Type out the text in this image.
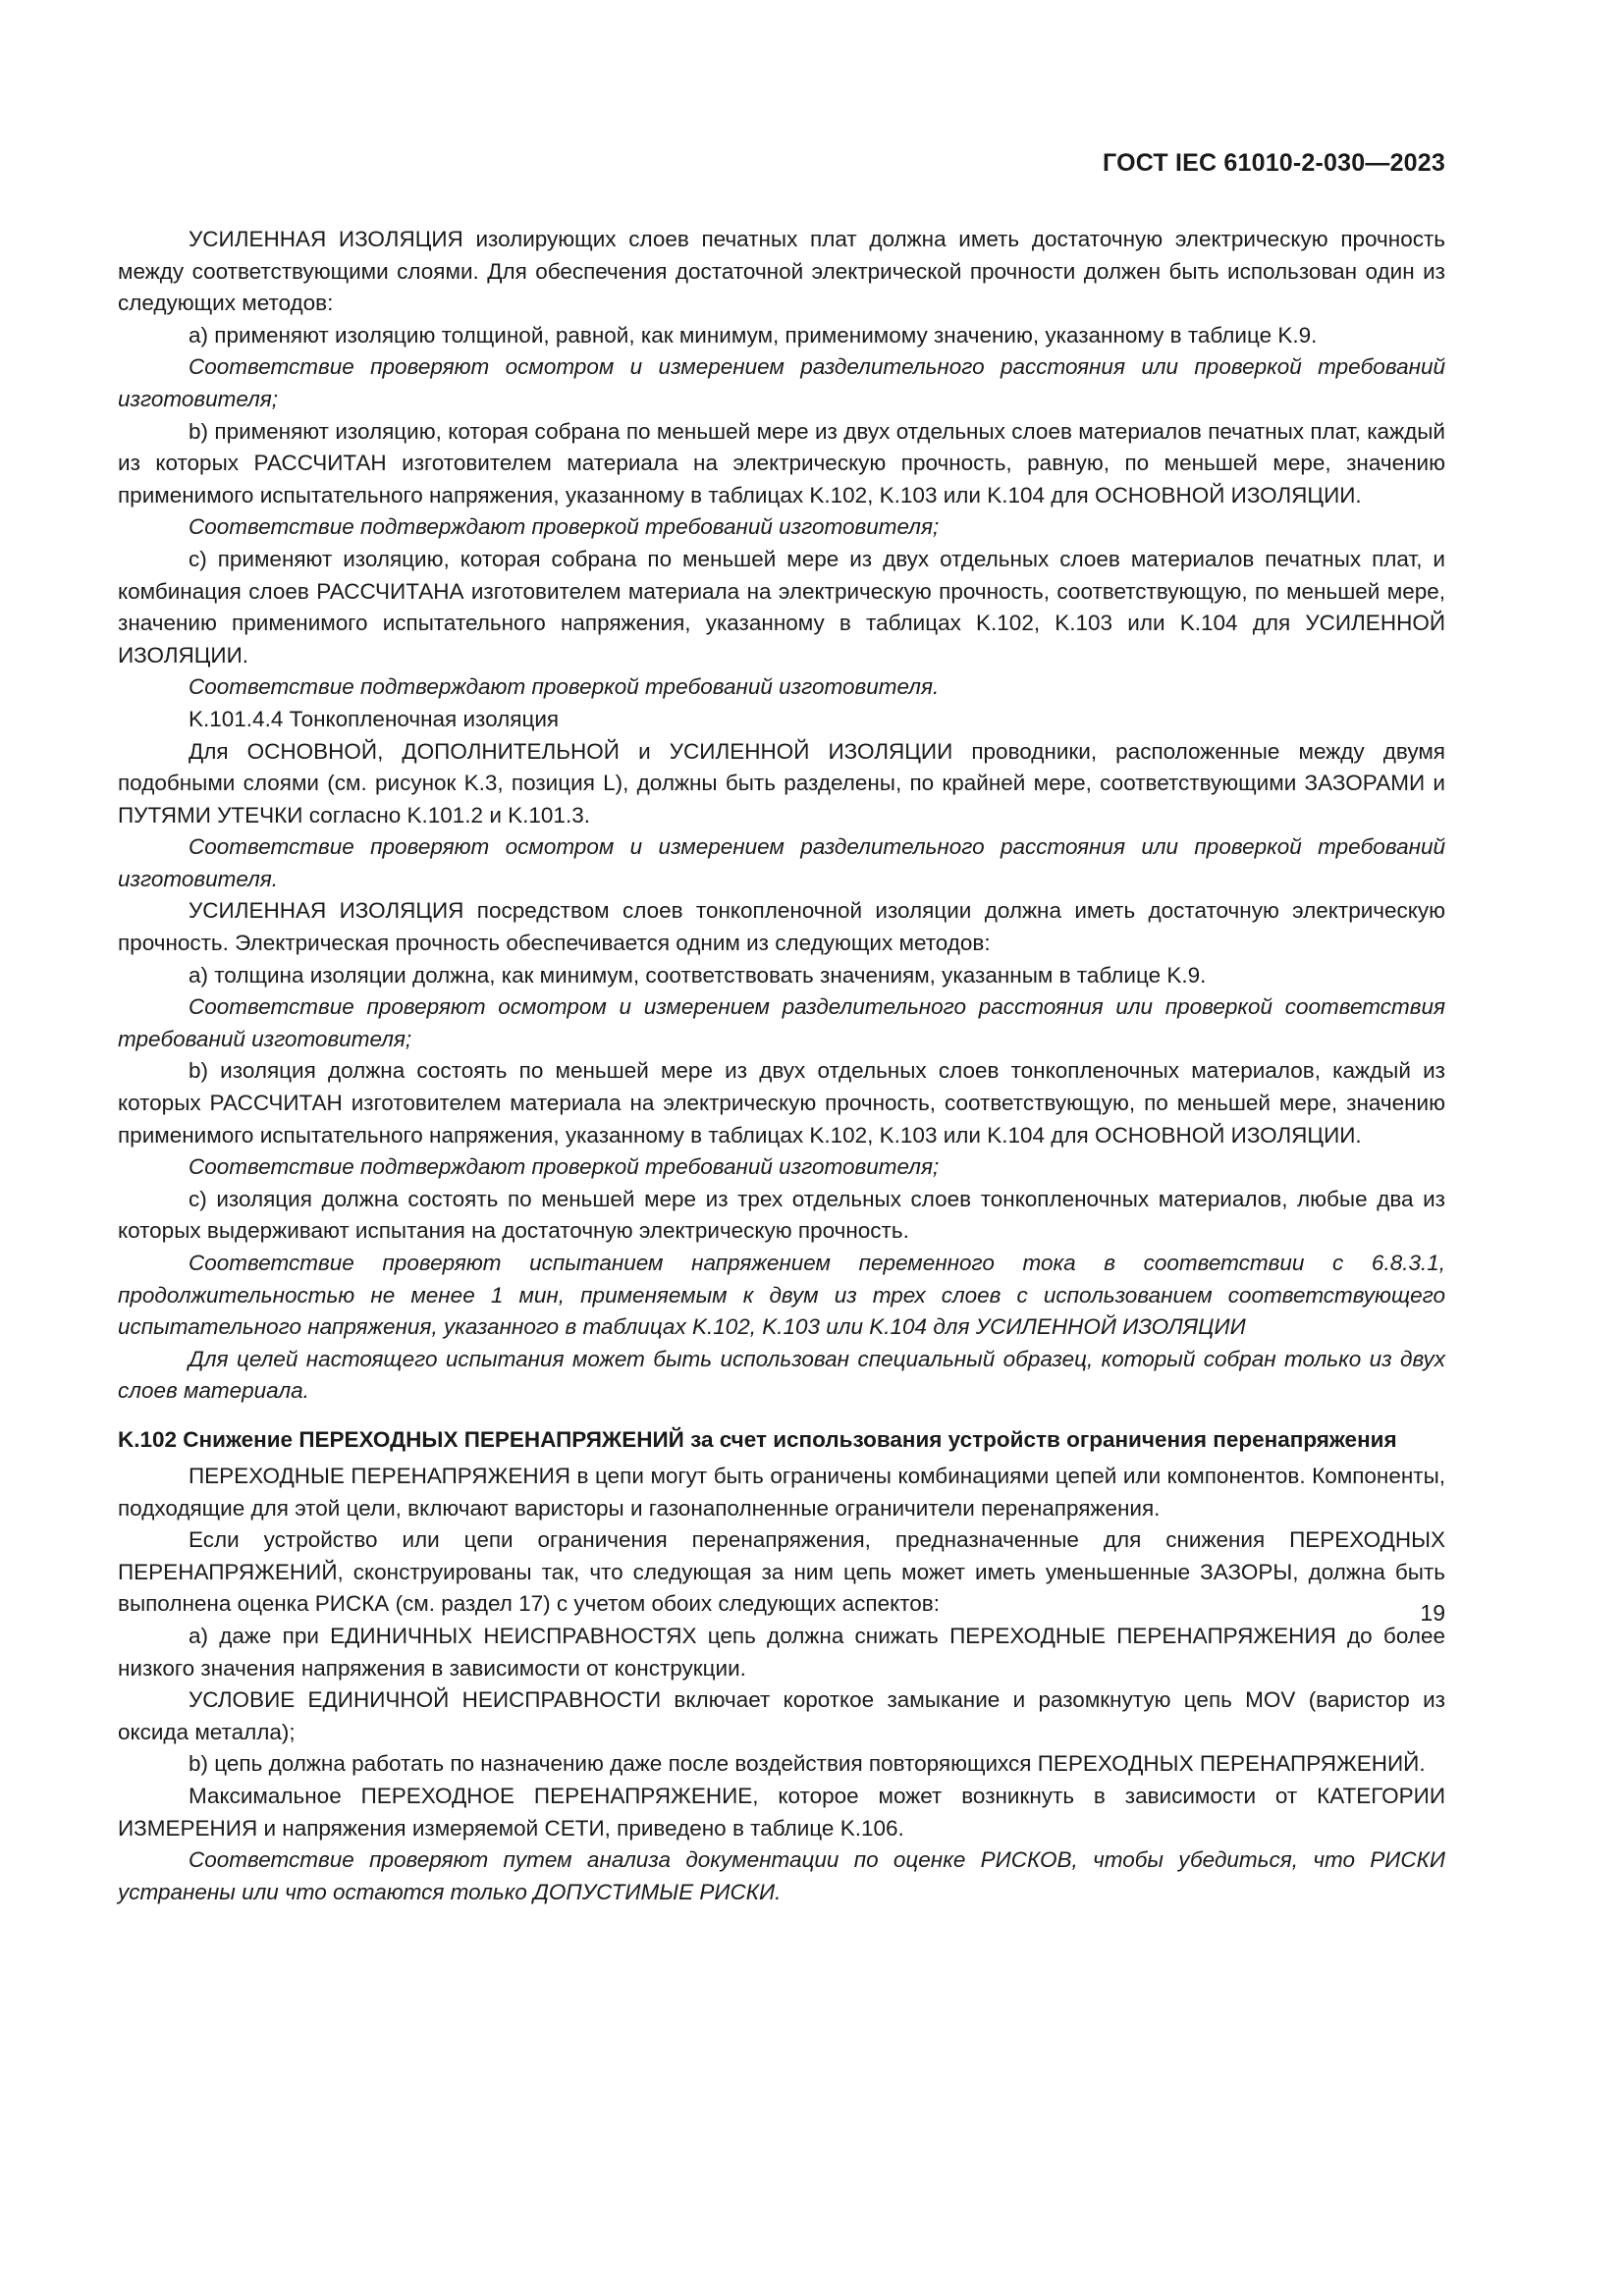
ГОСТ IEC 61010-2-030—2023

УСИЛЕННАЯ ИЗОЛЯЦИЯ изолирующих слоев печатных плат должна иметь достаточную электрическую прочность между соответствующими слоями. Для обеспечения достаточной электрической прочности должен быть использован один из следующих методов:

a) применяют изоляцию толщиной, равной, как минимум, применимому значению, указанному в таблице K.9.

Соответствие проверяют осмотром и измерением разделительного расстояния или проверкой требований изготовителя;

b) применяют изоляцию, которая собрана по меньшей мере из двух отдельных слоев материалов печатных плат, каждый из которых РАССЧИТАН изготовителем материала на электрическую прочность, равную, по меньшей мере, значению применимого испытательного напряжения, указанному в таблицах K.102, K.103 или K.104 для ОСНОВНОЙ ИЗОЛЯЦИИ.

Соответствие подтверждают проверкой требований изготовителя;

c) применяют изоляцию, которая собрана по меньшей мере из двух отдельных слоев материалов печатных плат, и комбинация слоев РАССЧИТАНА изготовителем материала на электрическую прочность, соответствующую, по меньшей мере, значению применимого испытательного напряжения, указанному в таблицах K.102, K.103 или K.104 для УСИЛЕННОЙ ИЗОЛЯЦИИ.

Соответствие подтверждают проверкой требований изготовителя.

K.101.4.4 Тонкопленочная изоляция

Для ОСНОВНОЙ, ДОПОЛНИТЕЛЬНОЙ и УСИЛЕННОЙ ИЗОЛЯЦИИ проводники, расположенные между двумя подобными слоями (см. рисунок K.3, позиция L), должны быть разделены, по крайней мере, соответствующими ЗАЗОРАМИ и ПУТЯМИ УТЕЧКИ согласно K.101.2 и K.101.3.

Соответствие проверяют осмотром и измерением разделительного расстояния или проверкой требований изготовителя.

УСИЛЕННАЯ ИЗОЛЯЦИЯ посредством слоев тонкопленочной изоляции должна иметь достаточную электрическую прочность. Электрическая прочность обеспечивается одним из следующих методов:

a) толщина изоляции должна, как минимум, соответствовать значениям, указанным в таблице K.9.

Соответствие проверяют осмотром и измерением разделительного расстояния или проверкой соответствия требований изготовителя;

b) изоляция должна состоять по меньшей мере из двух отдельных слоев тонкопленочных материалов, каждый из которых РАССЧИТАН изготовителем материала на электрическую прочность, соответствующую, по меньшей мере, значению применимого испытательного напряжения, указанному в таблицах K.102, K.103 или K.104 для ОСНОВНОЙ ИЗОЛЯЦИИ.

Соответствие подтверждают проверкой требований изготовителя;

c) изоляция должна состоять по меньшей мере из трех отдельных слоев тонкопленочных материалов, любые два из которых выдерживают испытания на достаточную электрическую прочность.

Соответствие проверяют испытанием напряжением переменного тока в соответствии с 6.8.3.1, продолжительностью не менее 1 мин, применяемым к двум из трех слоев с использованием соответствующего испытательного напряжения, указанного в таблицах K.102, K.103 или K.104 для УСИЛЕННОЙ ИЗОЛЯЦИИ

Для целей настоящего испытания может быть использован специальный образец, который собран только из двух слоев материала.

K.102 Снижение ПЕРЕХОДНЫХ ПЕРЕНАПРЯЖЕНИЙ за счет использования устройств ограничения перенапряжения

ПЕРЕХОДНЫЕ ПЕРЕНАПРЯЖЕНИЯ в цепи могут быть ограничены комбинациями цепей или компонентов. Компоненты, подходящие для этой цели, включают варисторы и газонаполненные ограничители перенапряжения.

Если устройство или цепи ограничения перенапряжения, предназначенные для снижения ПЕРЕХОДНЫХ ПЕРЕНАПРЯЖЕНИЙ, сконструированы так, что следующая за ним цепь может иметь уменьшенные ЗАЗОРЫ, должна быть выполнена оценка РИСКА (см. раздел 17) с учетом обоих следующих аспектов:

a) даже при ЕДИНИЧНЫХ НЕИСПРАВНОСТЯХ цепь должна снижать ПЕРЕХОДНЫЕ ПЕРЕНАПРЯЖЕНИЯ до более низкого значения напряжения в зависимости от конструкции.

УСЛОВИЕ ЕДИНИЧНОЙ НЕИСПРАВНОСТИ включает короткое замыкание и разомкнутую цепь MOV (варистор из оксида металла);

b) цепь должна работать по назначению даже после воздействия повторяющихся ПЕРЕХОДНЫХ ПЕРЕНАПРЯЖЕНИЙ.

Максимальное ПЕРЕХОДНОЕ ПЕРЕНАПРЯЖЕНИЕ, которое может возникнуть в зависимости от КАТЕГОРИИ ИЗМЕРЕНИЯ и напряжения измеряемой СЕТИ, приведено в таблице K.106.

Соответствие проверяют путем анализа документации по оценке РИСКОВ, чтобы убедиться, что РИСКИ устранены или что остаются только ДОПУСТИМЫЕ РИСКИ.

19
